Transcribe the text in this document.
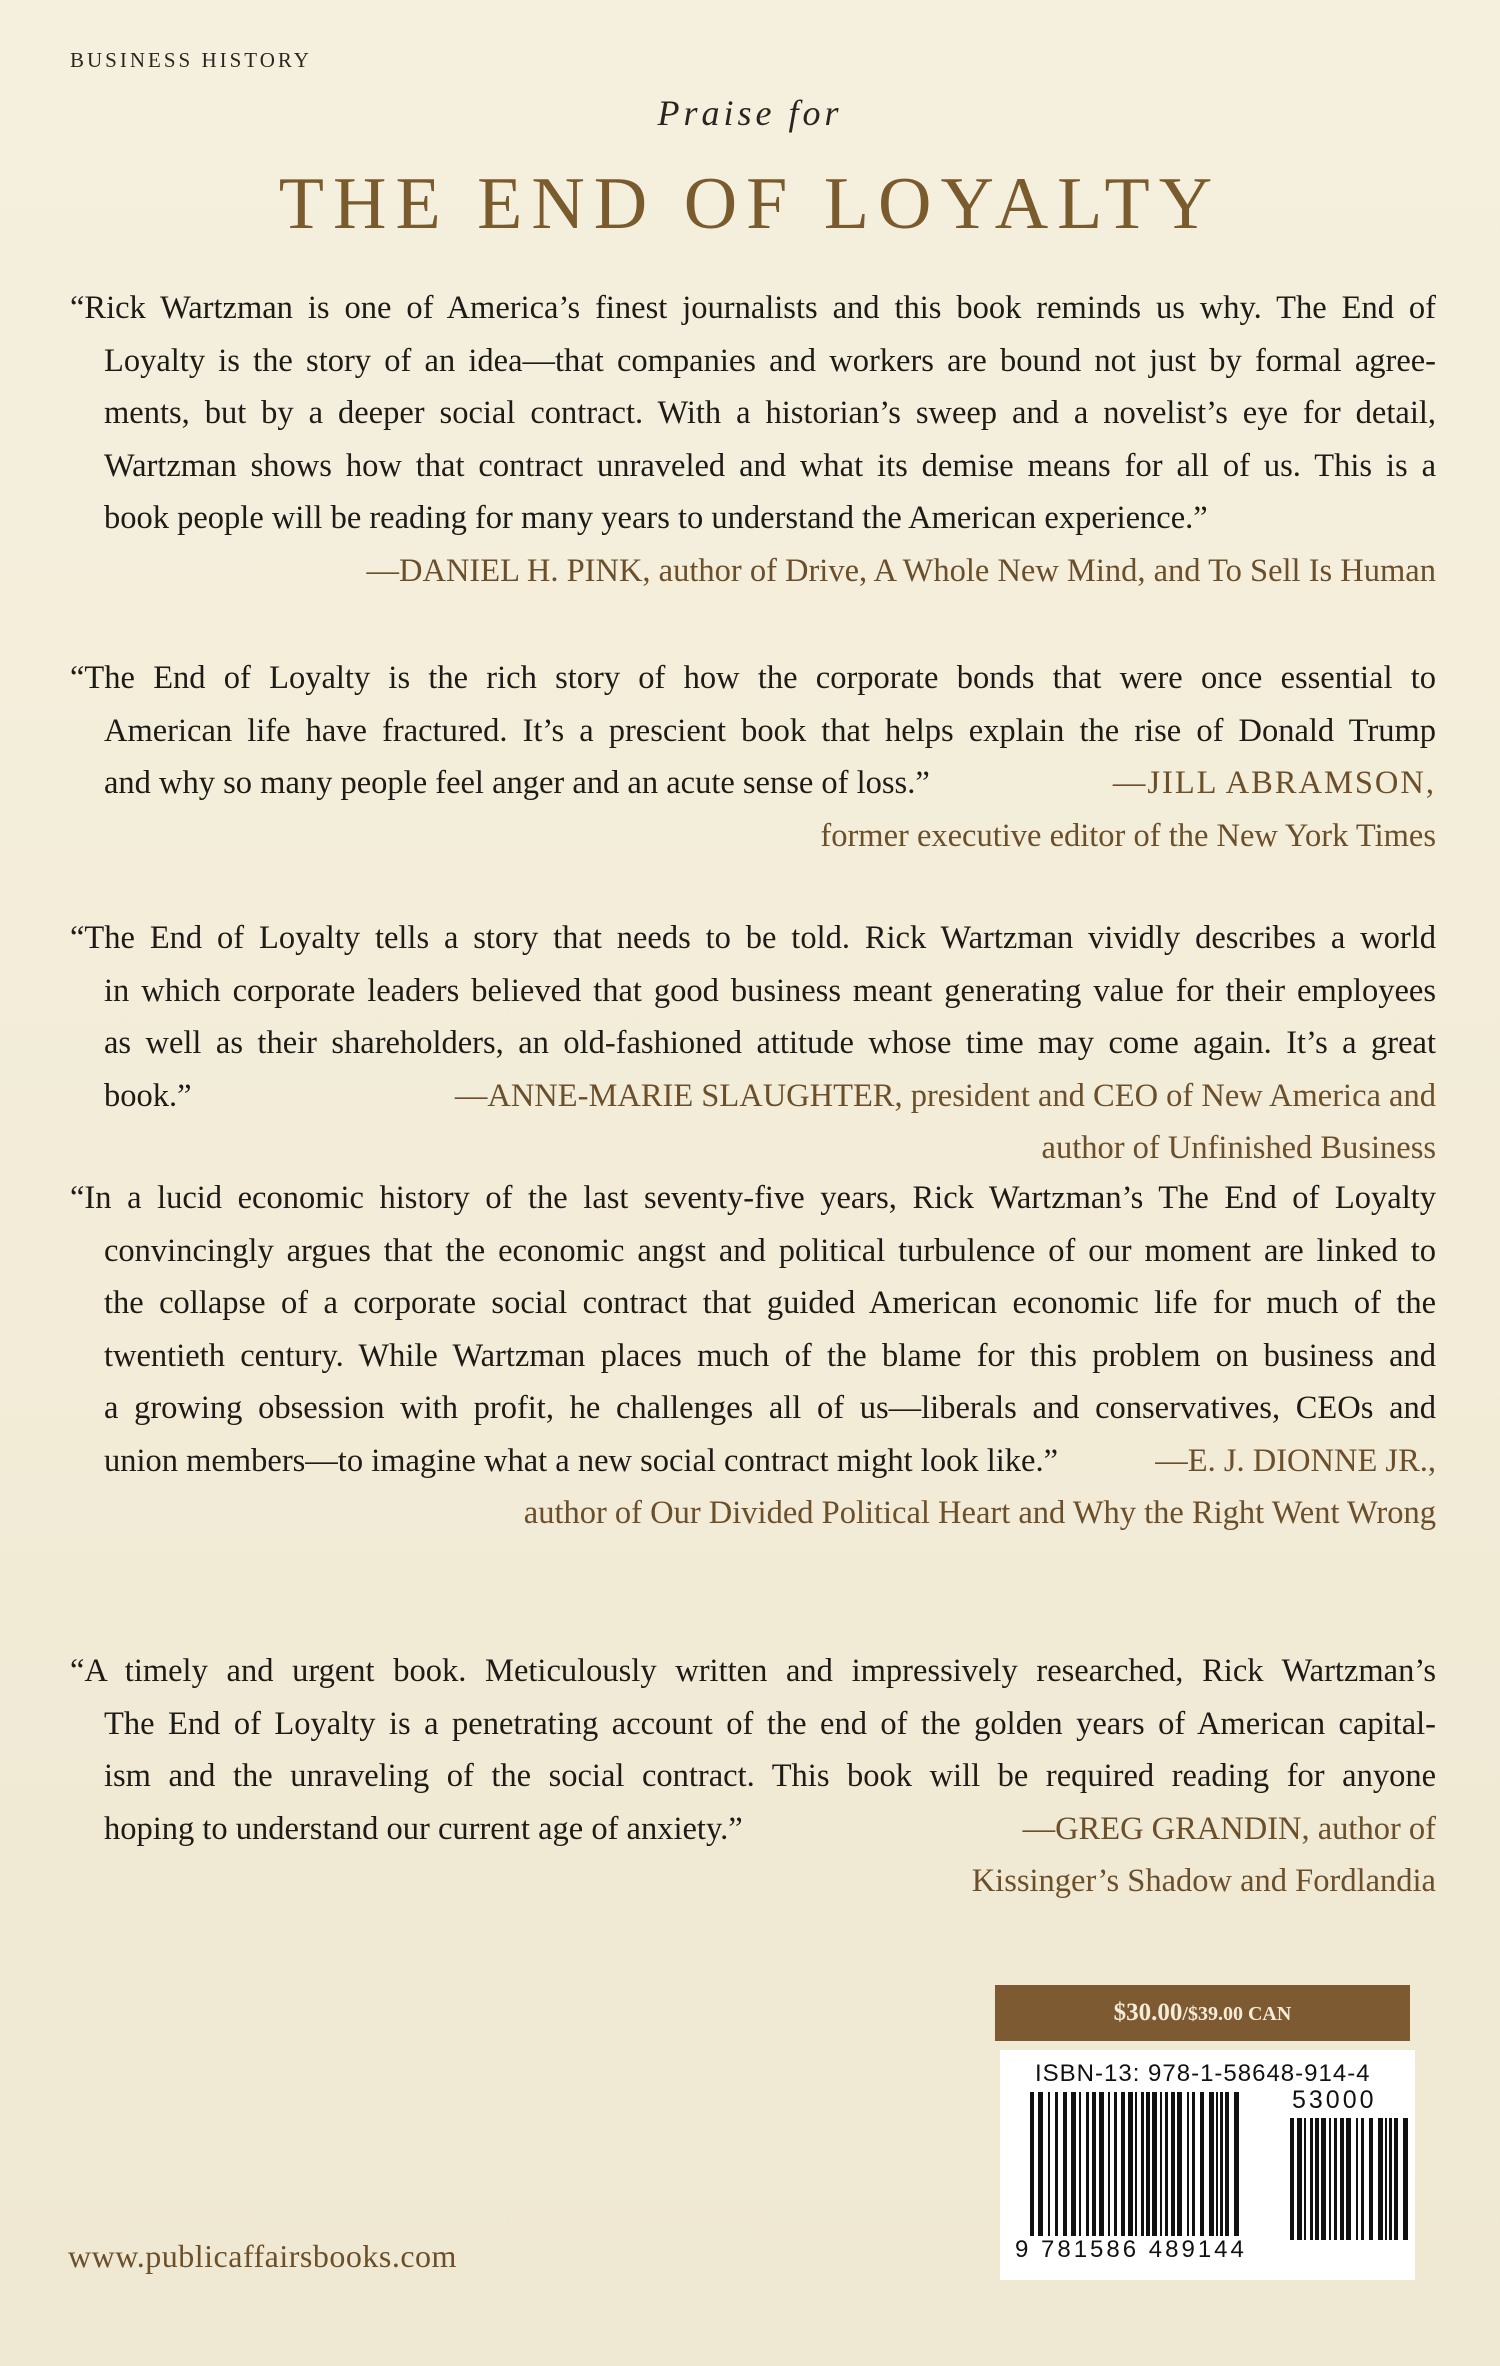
BUSINESS HISTORY
Praise for
THE END OF LOYALTY
“Rick Wartzman is one of America’s finest journalists and this book reminds us why. The End of
Loyalty is the story of an idea—that companies and workers are bound not just by formal agree-
ments, but by a deeper social contract. With a historian’s sweep and a novelist’s eye for detail,
Wartzman shows how that contract unraveled and what its demise means for all of us. This is a
book people will be reading for many years to understand the American experience.”
—DANIEL H. PINK, author of Drive, A Whole New Mind, and To Sell Is Human
“The End of Loyalty is the rich story of how the corporate bonds that were once essential to
American life have fractured. It’s a prescient book that helps explain the rise of Donald Trump
and why so many people feel anger and an acute sense of loss.”	—JILL ABRAMSON,
former executive editor of the New York Times
“The End of Loyalty tells a story that needs to be told. Rick Wartzman vividly describes a world
in which corporate leaders believed that good business meant generating value for their employees
as well as their shareholders, an old-fashioned attitude whose time may come again. It’s a great
book.”	—ANNE-MARIE SLAUGHTER, president and CEO of New America and
author of Unfinished Business
“In a lucid economic history of the last seventy-five years, Rick Wartzman’s The End of Loyalty
convincingly argues that the economic angst and political turbulence of our moment are linked to
the collapse of a corporate social contract that guided American economic life for much of the
twentieth century. While Wartzman places much of the blame for this problem on business and
a growing obsession with profit, he challenges all of us—liberals and conservatives, CEOs and
union members—to imagine what a new social contract might look like.”	—E. J. DIONNE JR.,
author of Our Divided Political Heart and Why the Right Went Wrong
“A timely and urgent book. Meticulously written and impressively researched, Rick Wartzman’s
The End of Loyalty is a penetrating account of the end of the golden years of American capital-
ism and the unraveling of the social contract. This book will be required reading for anyone
hoping to understand our current age of anxiety.”	—GREG GRANDIN, author of
Kissinger’s Shadow and Fordlandia
$30.00/$39.00 CAN
ISBN-13: 978-1-58648-914-4
53000
9 781586 489144
www.publicaffairsbooks.com
